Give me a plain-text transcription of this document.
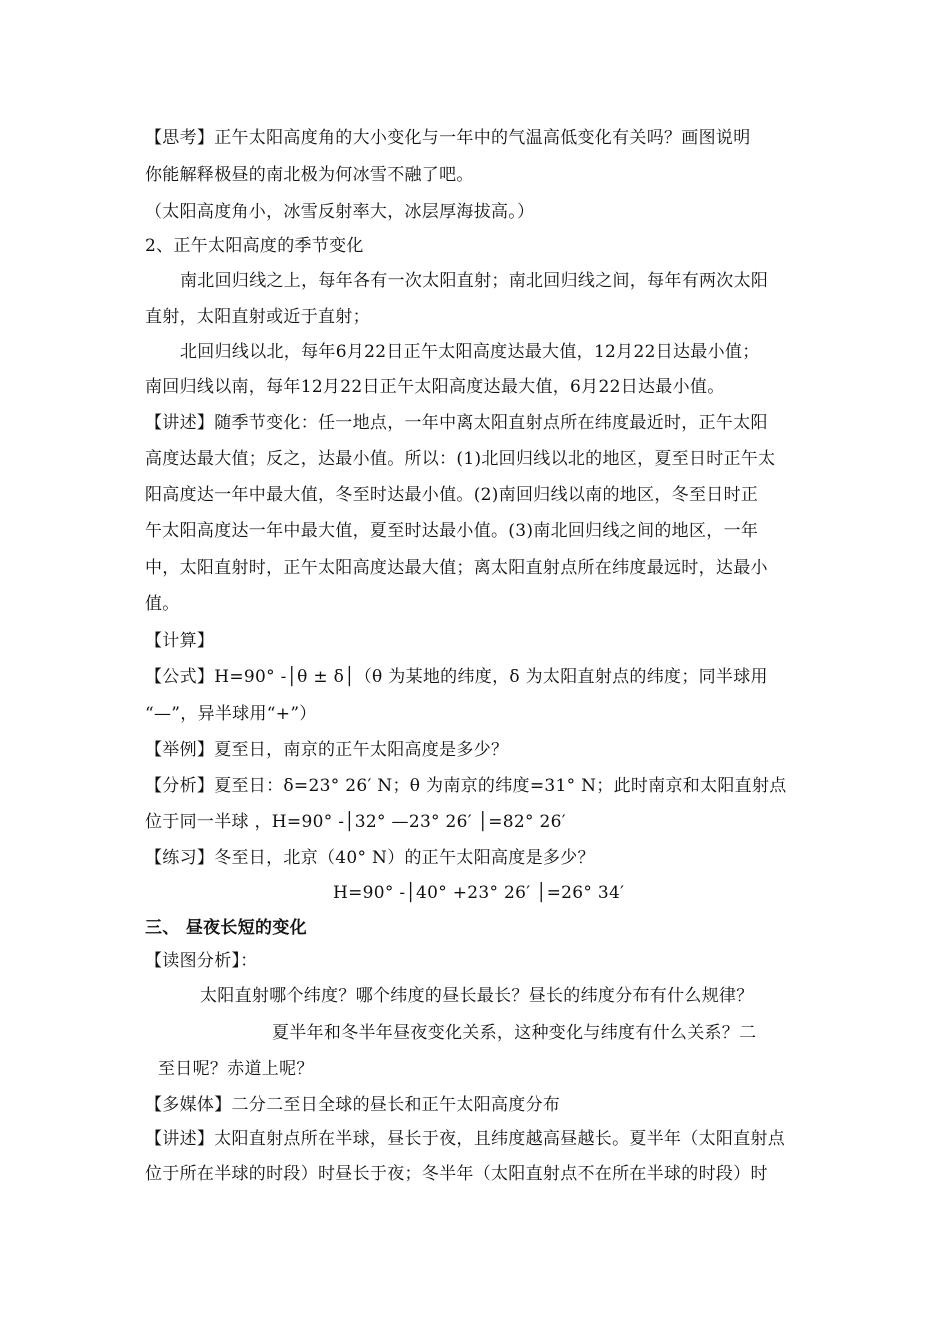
【思考】正午太阳高度角的大小变化与一年中的气温高低变化有关吗？画图说明
你能解释极昼的南北极为何冰雪不融了吧。
（太阳高度角小，冰雪反射率大，冰层厚海拔高。）
2、正午太阳高度的季节变化
南北回归线之上，每年各有一次太阳直射；南北回归线之间，每年有两次太阳
直射，太阳直射或近于直射；
北回归线以北，每年6月22日正午太阳高度达最大值，12月22日达最小值；
南回归线以南，每年12月22日正午太阳高度达最大值，6月22日达最小值。
【讲述】随季节变化：任一地点，一年中离太阳直射点所在纬度最近时，正午太阳
高度达最大值；反之，达最小值。所以：(1)北回归线以北的地区，夏至日时正午太
阳高度达一年中最大值，冬至时达最小值。(2)南回归线以南的地区，冬至日时正
午太阳高度达一年中最大值，夏至时达最小值。(3)南北回归线之间的地区，一年
中，太阳直射时，正午太阳高度达最大值；离太阳直射点所在纬度最远时，达最小
值。
【计算】
【公式】H=90° -│θ ± δ│（θ 为某地的纬度，δ 为太阳直射点的纬度；同半球用
“—”，异半球用“+”）
【举例】夏至日，南京的正午太阳高度是多少？
【分析】夏至日：δ=23° 26′ N；θ 为南京的纬度=31° N；此时南京和太阳直射点
位于同一半球 ，H=90° -│32° —23° 26′ │=82° 26′
【练习】冬至日，北京（40° N）的正午太阳高度是多少？
H=90° -│40° +23° 26′ │=26° 34′
三、 昼夜长短的变化
【读图分析】：
太阳直射哪个纬度？哪个纬度的昼长最长？昼长的纬度分布有什么规律？
夏半年和冬半年昼夜变化关系，这种变化与纬度有什么关系？二
至日呢？赤道上呢？
【多媒体】二分二至日全球的昼长和正午太阳高度分布
【讲述】太阳直射点所在半球，昼长于夜，且纬度越高昼越长。夏半年（太阳直射点
位于所在半球的时段）时昼长于夜；冬半年（太阳直射点不在所在半球的时段）时
